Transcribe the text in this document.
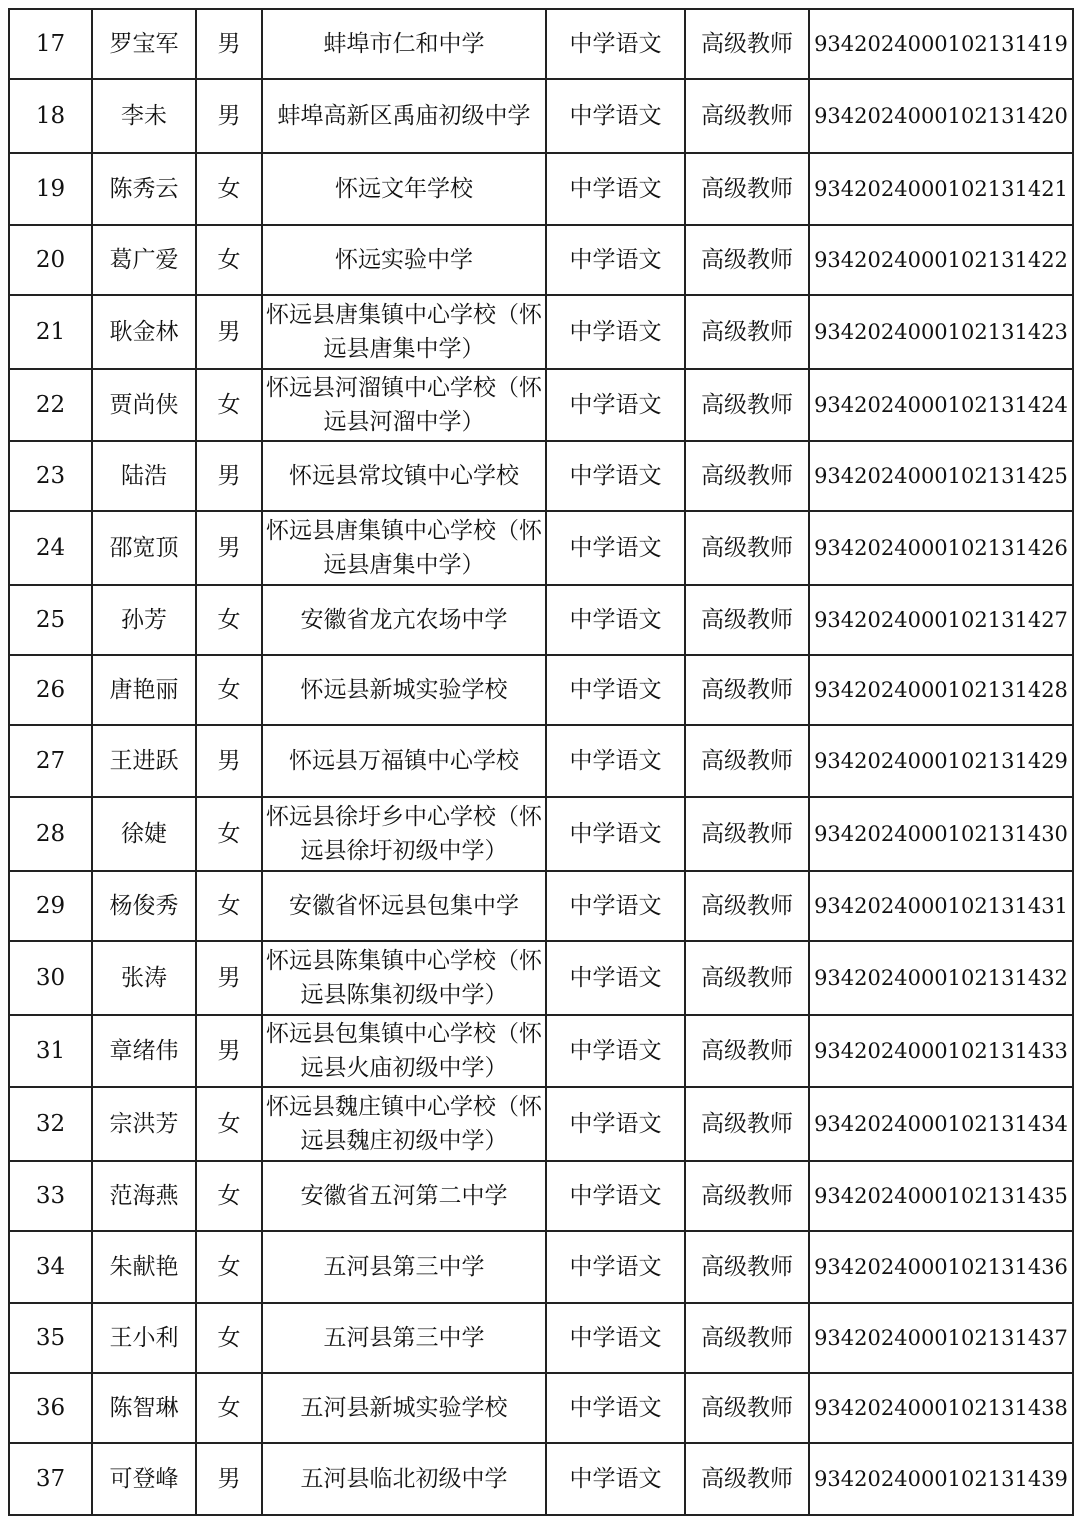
17	罗宝军	男	蚌埠市仁和中学	中学语文	高级教师	9342024000102131419
18	李未	男	蚌埠高新区禹庙初级中学	中学语文	高级教师	9342024000102131420
19	陈秀云	女	怀远文年学校	中学语文	高级教师	9342024000102131421
20	葛广爱	女	怀远实验中学	中学语文	高级教师	9342024000102131422
21	耿金林	男	怀远县唐集镇中心学校（怀远县唐集中学）	中学语文	高级教师	9342024000102131423
22	贾尚侠	女	怀远县河溜镇中心学校（怀远县河溜中学）	中学语文	高级教师	9342024000102131424
23	陆浩	男	怀远县常坟镇中心学校	中学语文	高级教师	9342024000102131425
24	邵宽顶	男	怀远县唐集镇中心学校（怀远县唐集中学）	中学语文	高级教师	9342024000102131426
25	孙芳	女	安徽省龙亢农场中学	中学语文	高级教师	9342024000102131427
26	唐艳丽	女	怀远县新城实验学校	中学语文	高级教师	9342024000102131428
27	王进跃	男	怀远县万福镇中心学校	中学语文	高级教师	9342024000102131429
28	徐婕	女	怀远县徐圩乡中心学校（怀远县徐圩初级中学）	中学语文	高级教师	9342024000102131430
29	杨俊秀	女	安徽省怀远县包集中学	中学语文	高级教师	9342024000102131431
30	张涛	男	怀远县陈集镇中心学校（怀远县陈集初级中学）	中学语文	高级教师	9342024000102131432
31	章绪伟	男	怀远县包集镇中心学校（怀远县火庙初级中学）	中学语文	高级教师	9342024000102131433
32	宗洪芳	女	怀远县魏庄镇中心学校（怀远县魏庄初级中学）	中学语文	高级教师	9342024000102131434
33	范海燕	女	安徽省五河第二中学	中学语文	高级教师	9342024000102131435
34	朱献艳	女	五河县第三中学	中学语文	高级教师	9342024000102131436
35	王小利	女	五河县第三中学	中学语文	高级教师	9342024000102131437
36	陈智琳	女	五河县新城实验学校	中学语文	高级教师	9342024000102131438
37	可登峰	男	五河县临北初级中学	中学语文	高级教师	9342024000102131439
